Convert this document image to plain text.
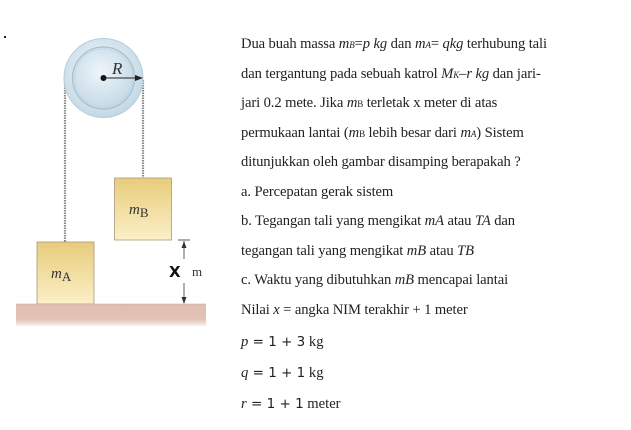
R
mB
mA	X m
Dua buah massa mB=p kg dan mA= qkg terhubung tali
dan tergantung pada sebuah katrol MK–r kg dan jari-
jari 0.2 mete. Jika mB terletak x meter di atas
permukaan lantai (mB lebih besar dari mA) Sistem
ditunjukkan oleh gambar disamping berapakah ?
a. Percepatan gerak sistem
b. Tegangan tali yang mengikat mA atau TA dan
tegangan tali yang mengikat mB atau TB
c. Waktu yang dibutuhkan mB mencapai lantai
Nilai x = angka NIM terakhir + 1 meter
p = 1 + 3 kg
q = 1 + 1 kg
r = 1 + 1 meter
